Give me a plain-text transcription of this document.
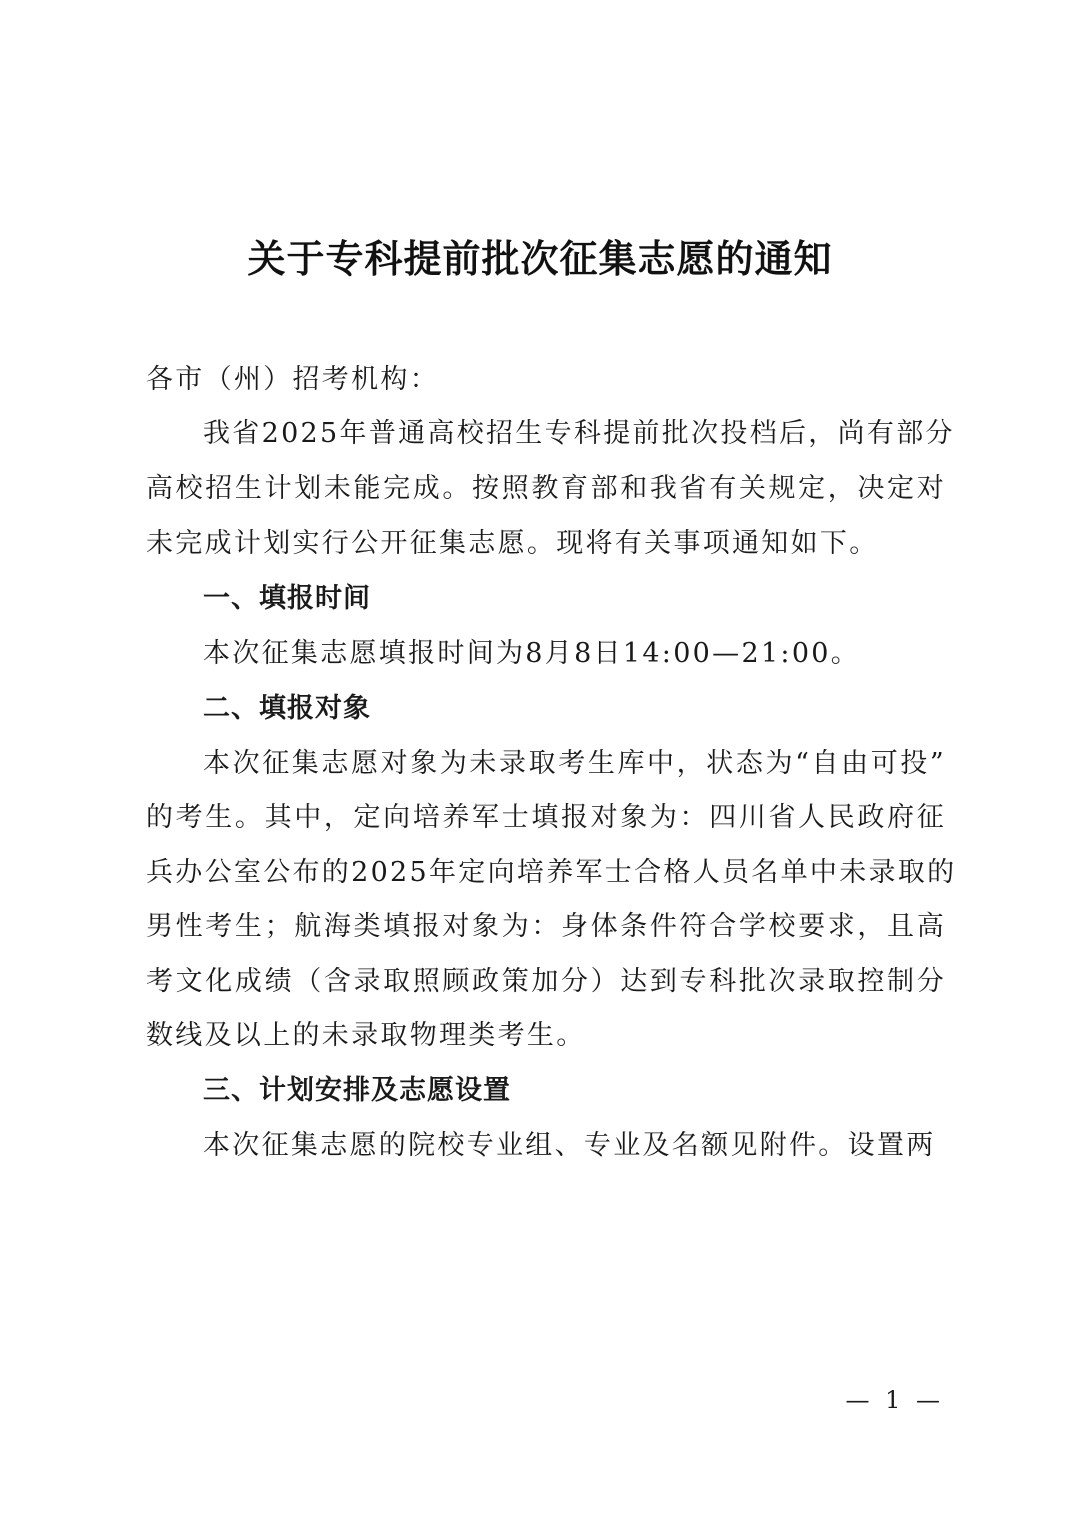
关于专科提前批次征集志愿的通知
各市（州）招考机构：
我省2025年普通高校招生专科提前批次投档后，尚有部分
高校招生计划未能完成。按照教育部和我省有关规定，决定对
未完成计划实行公开征集志愿。现将有关事项通知如下。
一、填报时间
本次征集志愿填报时间为8月8日14:00—21:00。
二、填报对象
本次征集志愿对象为未录取考生库中，状态为“自由可投”
的考生。其中，定向培养军士填报对象为：四川省人民政府征
兵办公室公布的2025年定向培养军士合格人员名单中未录取的
男性考生；航海类填报对象为：身体条件符合学校要求，且高
考文化成绩（含录取照顾政策加分）达到专科批次录取控制分
数线及以上的未录取物理类考生。
三、计划安排及志愿设置
本次征集志愿的院校专业组、专业及名额见附件。设置两
— 1 —
